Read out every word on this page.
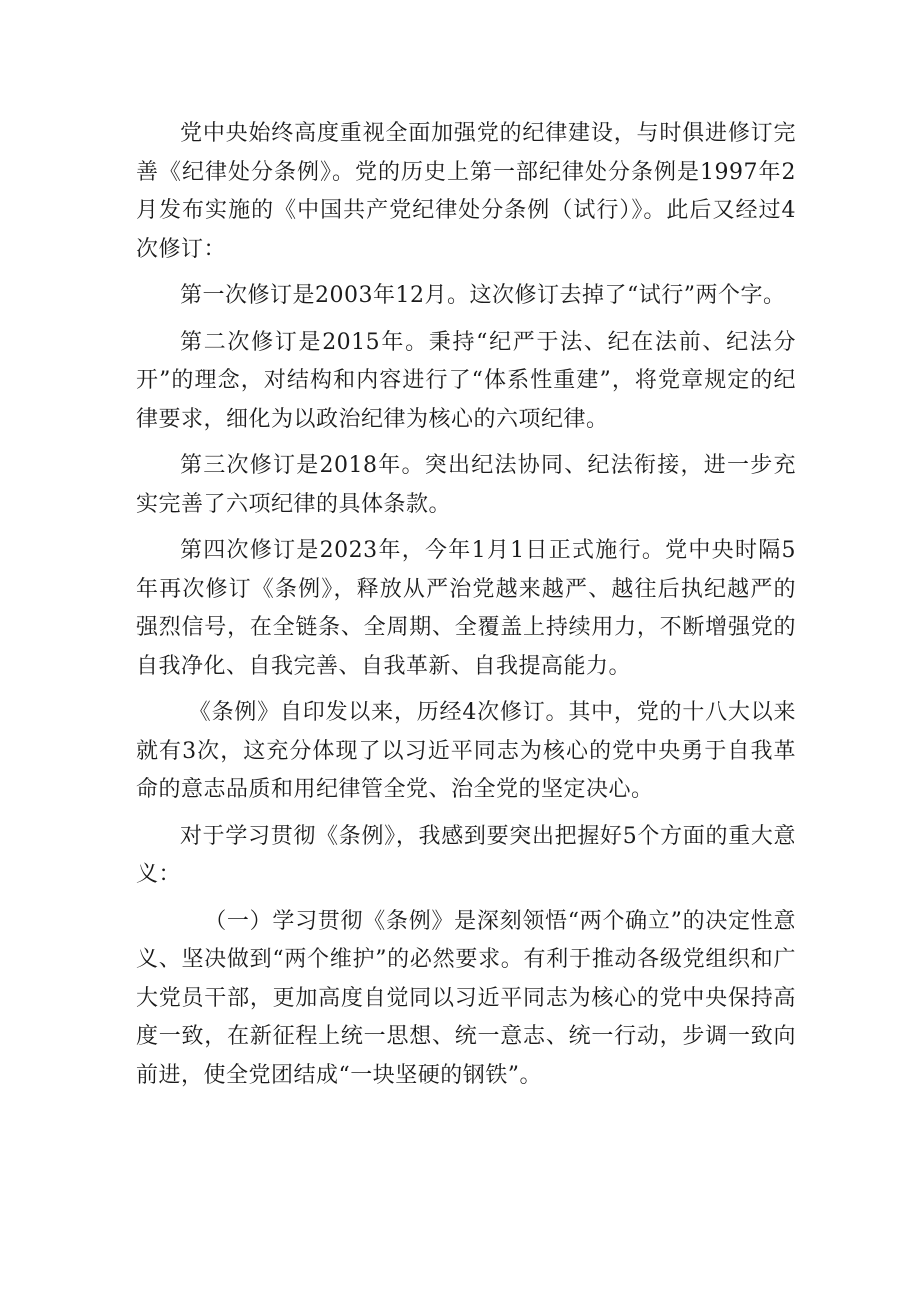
党中央始终高度重视全面加强党的纪律建设，与时俱进修订完善《纪律处分条例》。党的历史上第一部纪律处分条例是1997年2月发布实施的《中国共产党纪律处分条例（试行）》。此后又经过4次修订：

第一次修订是2003年12月。这次修订去掉了“试行”两个字。

第二次修订是2015年。秉持“纪严于法、纪在法前、纪法分开”的理念，对结构和内容进行了“体系性重建”，将党章规定的纪律要求，细化为以政治纪律为核心的六项纪律。

第三次修订是2018年。突出纪法协同、纪法衔接，进一步充实完善了六项纪律的具体条款。

第四次修订是2023年，今年1月1日正式施行。党中央时隔5年再次修订《条例》，释放从严治党越来越严、越往后执纪越严的强烈信号，在全链条、全周期、全覆盖上持续用力，不断增强党的自我净化、自我完善、自我革新、自我提高能力。

《条例》自印发以来，历经4次修订。其中，党的十八大以来就有3次，这充分体现了以习近平同志为核心的党中央勇于自我革命的意志品质和用纪律管全党、治全党的坚定决心。

对于学习贯彻《条例》，我感到要突出把握好5个方面的重大意义：

（一）学习贯彻《条例》是深刻领悟“两个确立”的决定性意义、坚决做到“两个维护”的必然要求。有利于推动各级党组织和广大党员干部，更加高度自觉同以习近平同志为核心的党中央保持高度一致，在新征程上统一思想、统一意志、统一行动，步调一致向前进，使全党团结成“一块坚硬的钢铁”。
